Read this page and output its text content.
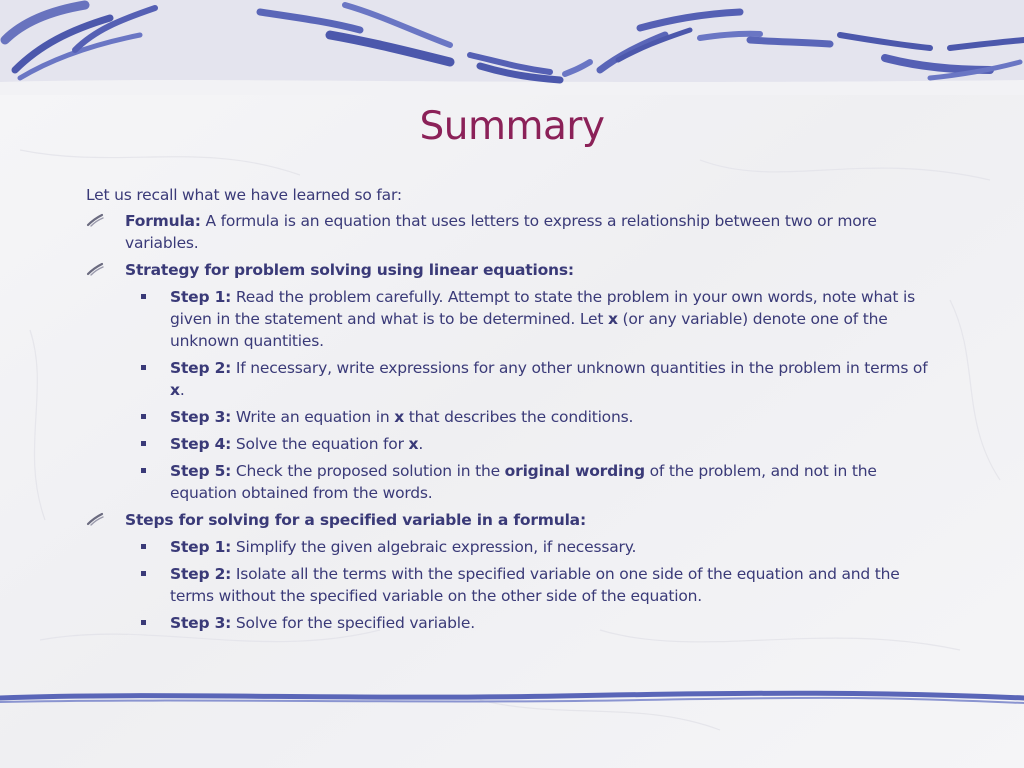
Summary

Let us recall what we have learned so far:

Formula: A formula is an equation that uses letters to express a relationship between two or more variables.
Strategy for problem solving using linear equations:
Step 1: Read the problem carefully. Attempt to state the problem in your own words, note what is given in the statement and what is to be determined. Let x (or any variable) denote one of the unknown quantities.
Step 2: If necessary, write expressions for any other unknown quantities in the problem in terms of x.
Step 3: Write an equation in x that describes the conditions.
Step 4: Solve the equation for x.
Step 5: Check the proposed solution in the original wording of the problem, and not in the equation obtained from the words.
Steps for solving for a specified variable in a formula:
Step 1: Simplify the given algebraic expression, if necessary.
Step 2: Isolate all the terms with the specified variable on one side of the equation and and the terms without the specified variable on the other side of the equation.
Step 3: Solve for the specified variable.
